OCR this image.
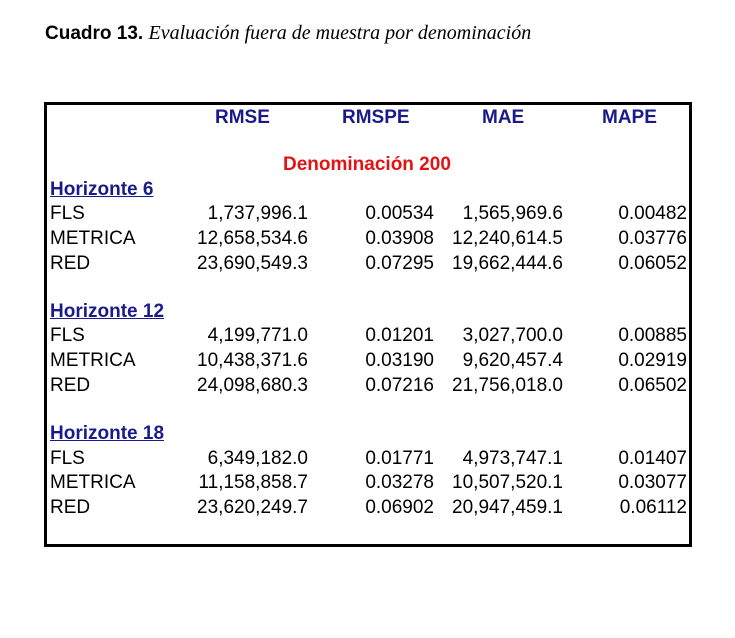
Cuadro 13. Evaluación fuera de muestra por denominación
RMSE	RMSPE	MAE	MAPE
Denominación 200
Horizonte 6
FLS	1,737,996.1	0.00534 1,565,969.6	0.00482
METRICA	12,658,534.6	0.03908 12,240,614.5	0.03776
RED	23,690,549.3	0.07295 19,662,444.6	0.06052
Horizonte 12
FLS	4,199,771.0	0.01201 3,027,700.0	0.00885
METRICA	10,438,371.6	0.03190 9,620,457.4	0.02919
RED	24,098,680.3	0.07216 21,756,018.0	0.06502
Horizonte 18
FLS	6,349,182.0	0.01771 4,973,747.1	0.01407
METRICA	11,158,858.7	0.03278 10,507,520.1	0.03077
RED	23,620,249.7	0.06902 20,947,459.1	0.06112
